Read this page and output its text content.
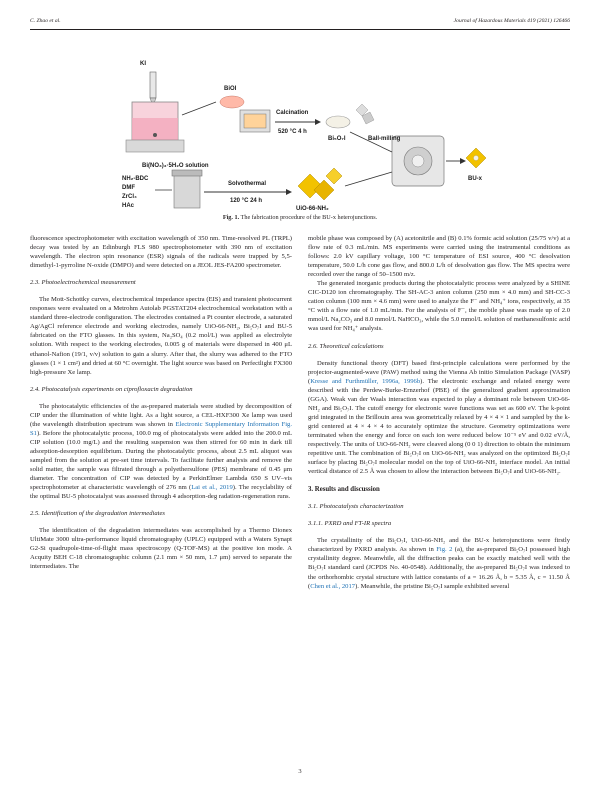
C. Zhao et al.	Journal of Hazardous Materials 419 (2021) 126466
KI
Bi(NO₃)₃·5H₂O solution
BiOI
Calcination
520 °C 4 h
Bi₅O₇I
NH₂-BDC
DMF
ZrCl₄
HAc
Solvothermal
120 °C 24 h
UiO-66-NH₂
Ball-milling
BU-x
Fig. 1. The fabrication procedure of the BU-x heterojunctions.

fluorescence spectrophotometer with excitation wavelength of 350 nm. Time-resolved PL (TRPL) decay was tested by an Edinburgh FLS 980 spectrophotometer with 390 nm of excitation wavelength. The electron spin resonance (ESR) signals of the radicals were trapped by 5,5-dimethyl-1-pyrroline N-oxide (DMPO) and were detected on a JEOL JES-FA200 spectrometer.

2.3. Photoelectrochemical measurement

The Mott-Schottky curves, electrochemical impedance spectra (EIS) and transient photocurrent responses were evaluated on a Metrohm Autolab PGSTAT204 electrochemical workstation with a standard three-electrode configuration. The electrodes contained a Pt counter electrode, a saturated Ag/AgCl reference electrode and working electrodes, namely UiO-66-NH₂, Bi₅O₇I and BU-5 fabricated on the FTO glasses. In this system, Na₂SO₄ (0.2 mol/L) was applied as electrolyte solution. With respect to the working electrodes, 0.005 g of materials were dispersed in 400 μL ethanol-Nafion (19/1, v/v) solution to gain a slurry. After that, the slurry was adhered to the FTO glasses (1 × 1 cm²) and dried at 60 °C overnight. The light source was based on Perfectlight FX300 high-pressure Xe lamp.

2.4. Photocatalysis experiments on ciprofloxacin degradation

The photocatalytic efficiencies of the as-prepared materials were studied by decomposition of CIP under the illumination of white light. As a light source, a CEL-HXF300 Xe lamp was used (the wavelength distribution spectrum was shown in Electronic Supplementary Information Fig. S1). Before the photocatalytic process, 100.0 mg of photocatalysts were added into the 200.0 mL CIP solution (10.0 mg/L) and the resulting suspension was then stirred for 60 min in dark till adsorption-desorption equilibrium. During the photocatalytic process, about 2.5 mL aliquot was sampled from the solution at pre-set time intervals. To facilitate further analysis and remove the solid matter, the sample was filtrated through a polyethersulfone (PES) membrane of 0.45 μm diameter. The concentration of CIP was detected by a PerkinElmer Lambda 650 S UV–vis spectrophotometer at characteristic wavelength of 276 nm (Lai et al., 2019). The recyclability of the optimal BU-5 photocatalyst was assessed through 4 adsorption-deg radation-regeneration runs.

2.5. Identification of the degradation intermediates

The identification of the degradation intermediates was accomplished by a Thermo Dionex UltiMate 3000 ultra-performance liquid chromatography (UPLC) equipped with a Waters Synapt G2-Si quadrupole-time-of-flight mass spectroscopy (Q-TOF-MS) at the positive ion mode. A Acquity BEH C-18 chromatographic column (2.1 mm × 50 mm, 1.7 μm) served to separate the intermediates. The

mobile phase was composed by (A) acetonitrile and (B) 0.1% formic acid solution (25/75 v/v) at a flow rate of 0.3 mL/min. MS experiments were carried using the instrumental conditions as follows: 2.0 kV capillary voltage, 100 °C temperature of ESI source, 400 °C desolvation temperature, 50.0 L/h cone gas flow, and 800.0 L/h of desolvation gas flow. The MS spectra were recorded over the range of 50–1500 m/z.

The generated inorganic products during the photocatalytic process were analyzed by a SHINE CIC-D120 ion chromatography. The SH-AC-3 anion column (250 mm × 4.0 mm) and SH-CC-3 cation column (100 mm × 4.6 mm) were used to analyze the F⁻ and NH₄⁺ ions, respectively, at 35 °C with a flow rate of 1.0 mL/min. For the analysis of F⁻, the mobile phase was made up of 2.0 mmol/L Na₂CO₃ and 8.0 mmol/L NaHCO₃, while the 5.0 mmol/L solution of methanesulfonic acid was used for NH₄⁺ analysis.

2.6. Theoretical calculations

Density functional theory (DFT) based first-principle calculations were performed by the projector-augmented-wave (PAW) method using the Vienna Ab initio Simulation Package (VASP) (Kresse and Furthmüller, 1996a, 1996b). The electronic exchange and related energy were described with the Perdew-Burke-Ernzerhof (PBE) of the generalized gradient approximation (GGA). Weak van der Waals interaction was expected to play a dominant role between UiO-66-NH₂ and Bi₅O₇I. The cutoff energy for electronic wave functions was set as 600 eV. The k-point grid integrated in the Brillouin area was geometrically relaxed by 4 × 4 × 1 and sampled by the k-grid centered at 4 × 4 × 4 to accurately optimize the structure. Geometry optimizations were terminated when the energy and force on each ion were reduced below 10⁻⁵ eV and 0.02 eV/Å, respectively. The units of UiO-66-NH₂ were cleaved along (0 0 1) direction to obtain the minimum repetitive unit. The combination of Bi₅O₇I on UiO-66-NH₂ was analyzed on the optimized Bi₅O₇I surface by placing Bi₅O₇I molecular model on the top of UiO-66-NH₂ interface model. An initial vertical distance of 2.5 Å was chosen to allow the interaction between Bi₅O₇I and UiO-66-NH₂.

3. Results and discussion
3.1. Photocatalysts characterization
3.1.1. PXRD and FT-IR spectra

The crystallinity of the Bi₅O₇I, UiO-66-NH₂ and the BU-x heterojunctions were firstly characterized by PXRD analysis. As shown in Fig. 2 (a), the as-prepared Bi₅O₇I possessed high crystallinity degree. Meanwhile, all the diffraction peaks can be exactly matched well with the Bi₅O₇I standard card (JCPDS No. 40-0548). Additionally, the as-prepared Bi₅O₇I was indexed to the orthorhombic crystal structure with lattice constants of a = 16.26 Å, b = 5.35 Å, c = 11.50 Å (Chen et al., 2017). Meanwhile, the pristine Bi₅O₇I sample exhibited several

3
